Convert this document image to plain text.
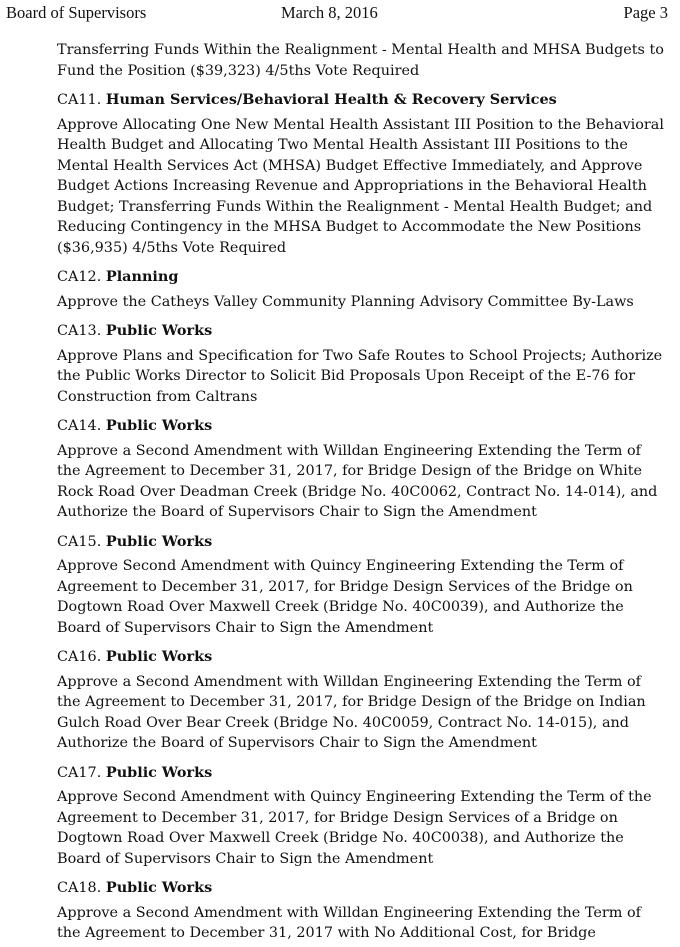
Board of Supervisors	March 8, 2016	Page 3

Transferring Funds Within the Realignment - Mental Health and MHSA Budgets to Fund the Position ($39,323) 4/5ths Vote Required

CA11. Human Services/Behavioral Health & Recovery Services

Approve Allocating One New Mental Health Assistant III Position to the Behavioral Health Budget and Allocating Two Mental Health Assistant III Positions to the Mental Health Services Act (MHSA) Budget Effective Immediately, and Approve Budget Actions Increasing Revenue and Appropriations in the Behavioral Health Budget; Transferring Funds Within the Realignment - Mental Health Budget; and Reducing Contingency in the MHSA Budget to Accommodate the New Positions ($36,935) 4/5ths Vote Required

CA12. Planning

Approve the Catheys Valley Community Planning Advisory Committee By-Laws

CA13. Public Works

Approve Plans and Specification for Two Safe Routes to School Projects; Authorize the Public Works Director to Solicit Bid Proposals Upon Receipt of the E-76 for Construction from Caltrans

CA14. Public Works

Approve a Second Amendment with Willdan Engineering Extending the Term of the Agreement to December 31, 2017, for Bridge Design of the Bridge on White Rock Road Over Deadman Creek (Bridge No. 40C0062, Contract No. 14-014), and Authorize the Board of Supervisors Chair to Sign the Amendment

CA15. Public Works

Approve Second Amendment with Quincy Engineering Extending the Term of Agreement to December 31, 2017, for Bridge Design Services of the Bridge on Dogtown Road Over Maxwell Creek (Bridge No. 40C0039), and Authorize the Board of Supervisors Chair to Sign the Amendment

CA16. Public Works

Approve a Second Amendment with Willdan Engineering Extending the Term of the Agreement to December 31, 2017, for Bridge Design of the Bridge on Indian Gulch Road Over Bear Creek (Bridge No. 40C0059, Contract No. 14-015), and Authorize the Board of Supervisors Chair to Sign the Amendment

CA17. Public Works

Approve Second Amendment with Quincy Engineering Extending the Term of the Agreement to December 31, 2017, for Bridge Design Services of a Bridge on Dogtown Road Over Maxwell Creek (Bridge No. 40C0038), and Authorize the Board of Supervisors Chair to Sign the Amendment

CA18. Public Works

Approve a Second Amendment with Willdan Engineering Extending the Term of the Agreement to December 31, 2017 with No Additional Cost, for Bridge
